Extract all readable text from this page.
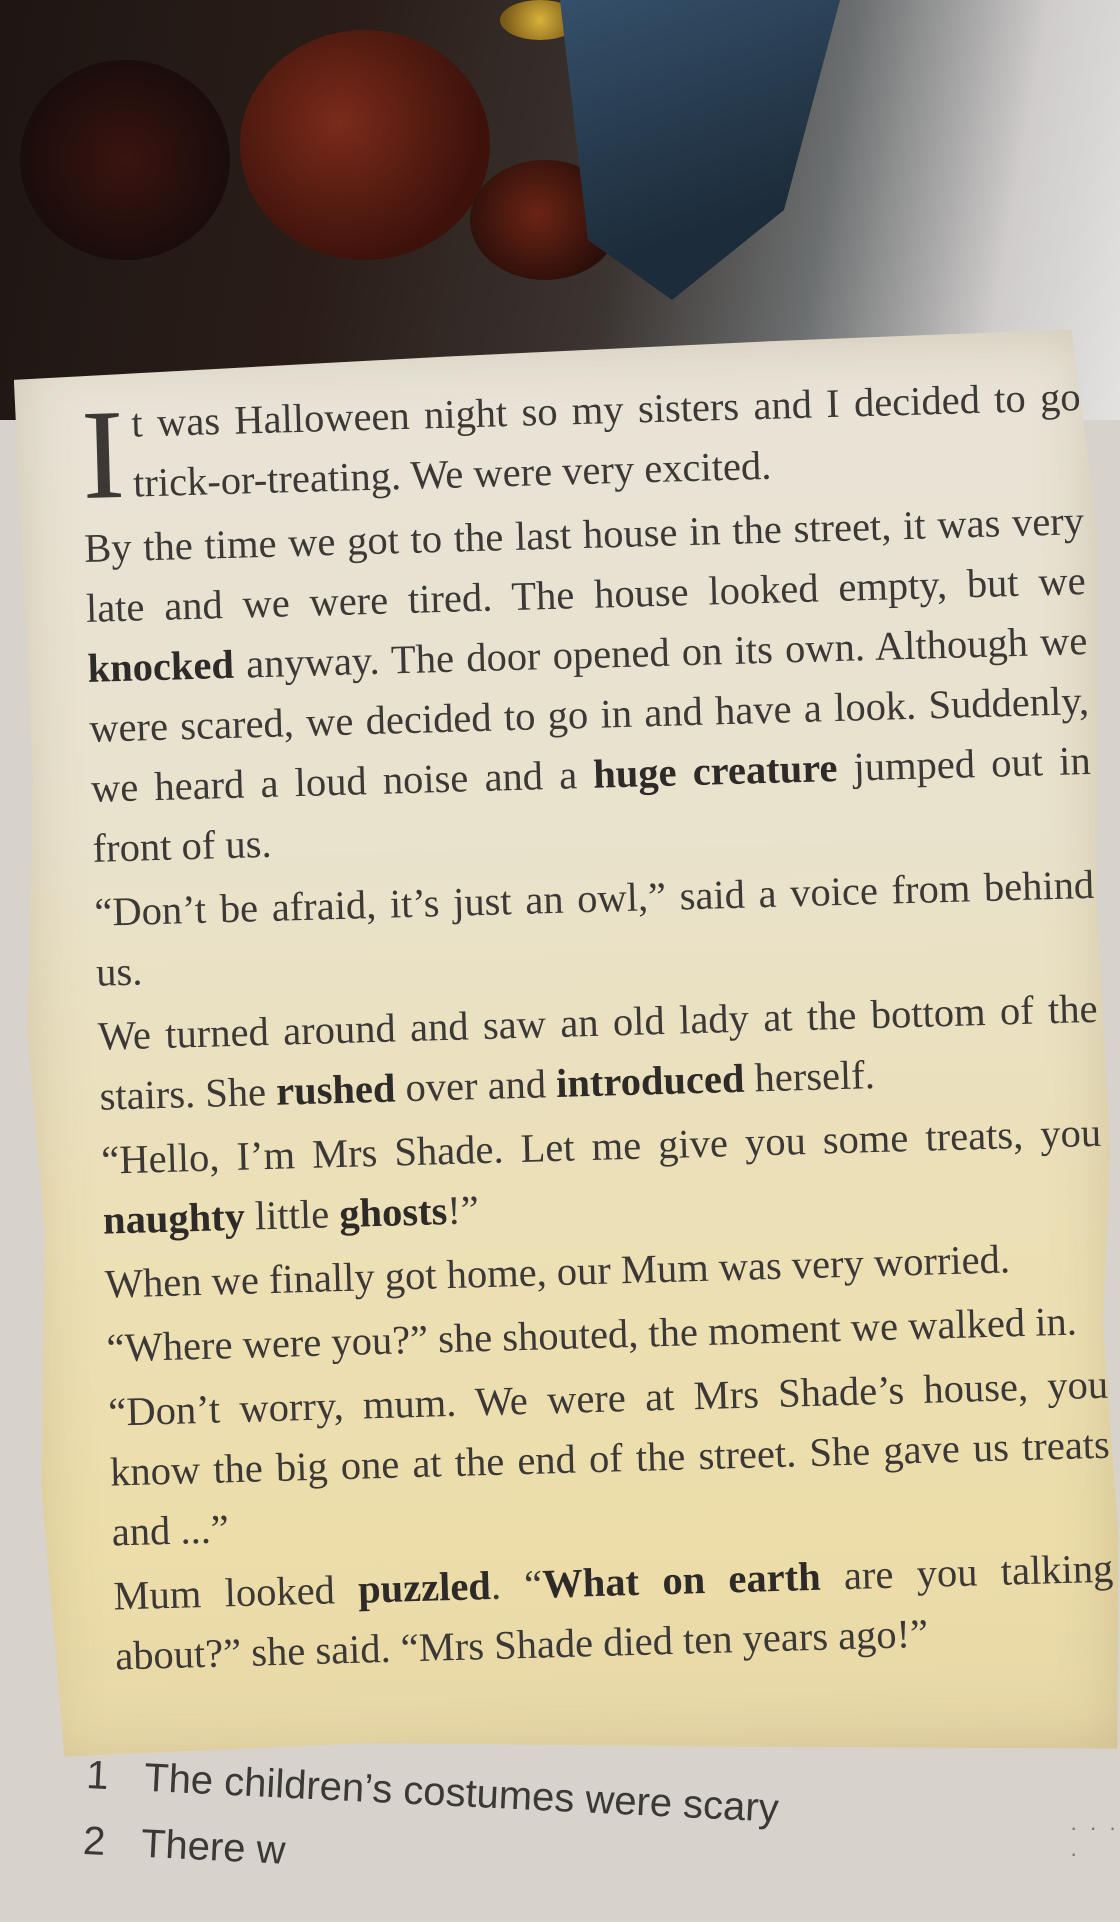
It was Halloween night so my sisters and I decided to go trick-or-treating. We were very excited.

By the time we got to the last house in the street, it was very late and we were tired. The house looked empty, but we knocked anyway. The door opened on its own. Although we were scared, we decided to go in and have a look. Suddenly, we heard a loud noise and a huge creature jumped out in front of us.

“Don’t be afraid, it’s just an owl,” said a voice from behind us.

We turned around and saw an old lady at the bottom of the stairs. She rushed over and introduced herself.

“Hello, I’m Mrs Shade. Let me give you some treats, you naughty little ghosts!”

When we finally got home, our Mum was very worried.

“Where were you?” she shouted, the moment we walked in.

“Don’t worry, mum. We were at Mrs Shade’s house, you know the big one at the end of the street. She gave us treats and ...”

Mum looked puzzled. “What on earth are you talking about?” she said. “Mrs Shade died ten years ago!”

1 The children’s costumes were scary
2 There w	· · · ·
